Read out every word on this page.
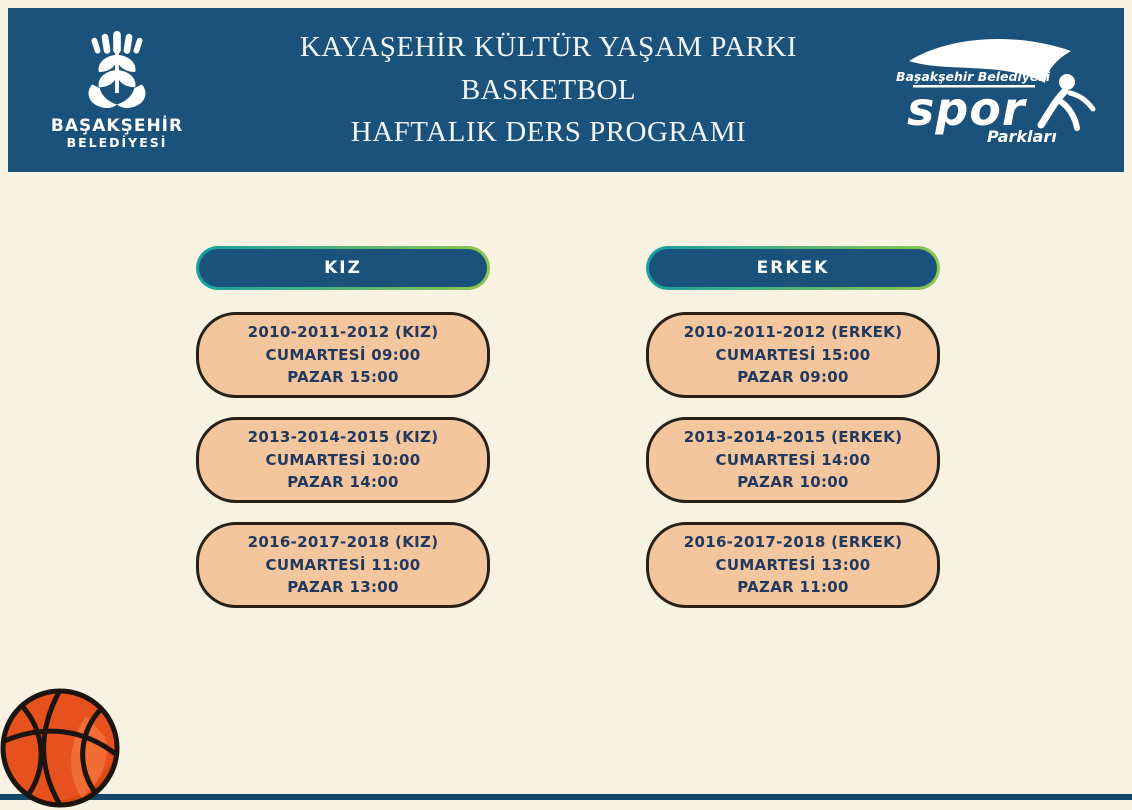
BAŞAKŞEHİR
BELEDİYESİ
KAYAŞEHİR KÜLTÜR YAŞAM PARKI
BASKETBOL
HAFTALIK DERS PROGRAMI
Başakşehir Belediyesi
spor
Parkları
KIZ
2010-2011-2012 (KIZ)
CUMARTESİ 09:00
PAZAR 15:00
2013-2014-2015 (KIZ)
CUMARTESİ 10:00
PAZAR 14:00
2016-2017-2018 (KIZ)
CUMARTESİ 11:00
PAZAR 13:00
ERKEK
2010-2011-2012 (ERKEK)
CUMARTESİ 15:00
PAZAR 09:00
2013-2014-2015 (ERKEK)
CUMARTESİ 14:00
PAZAR 10:00
2016-2017-2018 (ERKEK)
CUMARTESİ 13:00
PAZAR 11:00
